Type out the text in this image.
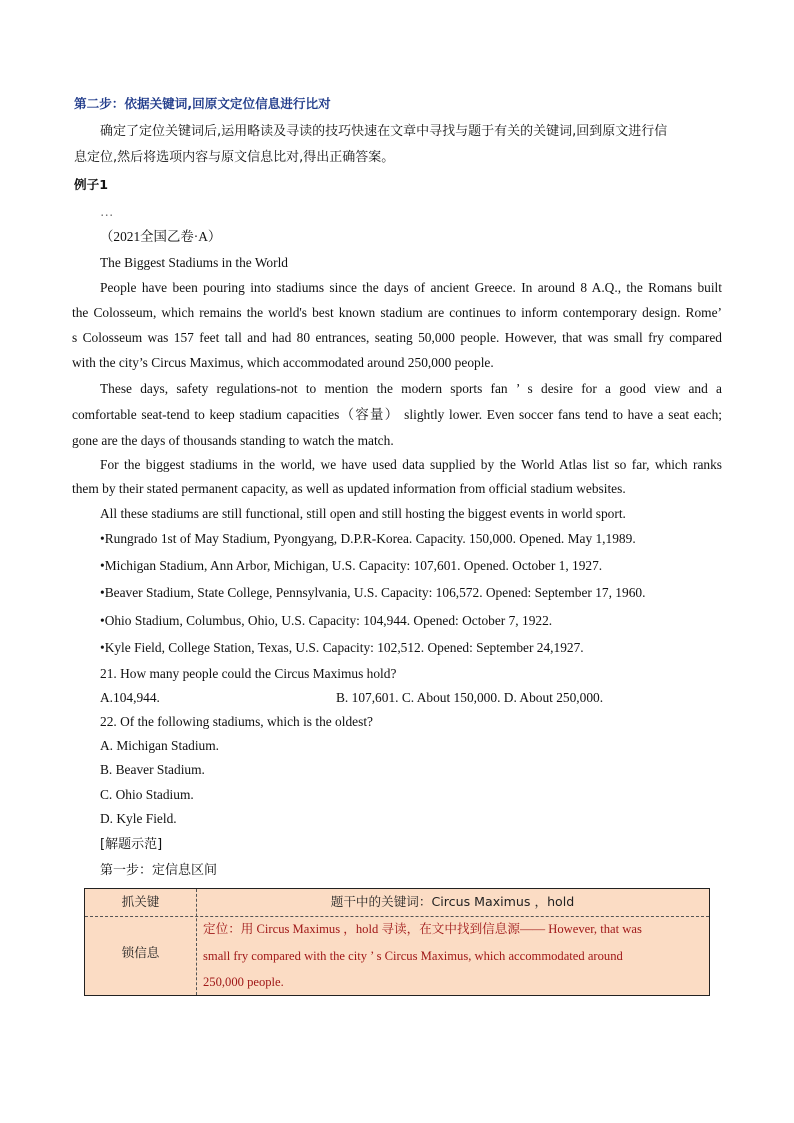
第二步：依据关键词,回原文定位信息进行比对
确定了定位关键词后,运用略读及寻读的技巧快速在文章中寻找与题于有关的关键词,回到原文进行信
息定位,然后将选项内容与原文信息比对,得出正确答案。
例子1
…
（2021全国乙卷·A）
The Biggest Stadiums in the World
People have been pouring into stadiums since the days of ancient Greece. In around 8 A.Q., the Romans built
the Colosseum, which remains the world's best known stadium are continues to inform contemporary design. Rome’
s Colosseum was 157 feet tall and had 80 entrances, seating 50,000 people. However, that was small fry compared
with the city’s Circus Maximus, which accommodated around 250,000 people.
These days, safety regulations-not to mention the modern sports fan ’ s desire for a good view and a
comfortable seat-tend to keep stadium capacities（容量） slightly lower. Even soccer fans tend to have a seat each;
gone are the days of thousands standing to watch the match.
For the biggest stadiums in the world, we have used data supplied by the World Atlas list so far, which ranks
them by their stated permanent capacity, as well as updated information from official stadium websites.
All these stadiums are still functional, still open and still hosting the biggest events in world sport.
•Rungrado 1st of May Stadium, Pyongyang, D.P.R-Korea. Capacity. 150,000. Opened. May 1,1989.
•Michigan Stadium, Ann Arbor, Michigan, U.S. Capacity: 107,601. Opened. October 1, 1927.
•Beaver Stadium, State College, Pennsylvania, U.S. Capacity: 106,572. Opened: September 17, 1960.
•Ohio Stadium, Columbus, Ohio, U.S. Capacity: 104,944. Opened: October 7, 1922.
•Kyle Field, College Station, Texas, U.S. Capacity: 102,512. Opened: September 24,1927.
21. How many people could the Circus Maximus hold?
A.104,944.	B. 107,601. C. About 150,000. D. About 250,000.
22. Of the following stadiums, which is the oldest?
A. Michigan Stadium.
B. Beaver Stadium.
C. Ohio Stadium.
D. Kyle Field.
[解题示范]
第一步：定信息区间
抓关键	题干中的关键词：Circus Maximus ，hold
锁信息
定位：用 Circus Maximus ，hold 寻读，在文中找到信息源—— However, that was
small fry compared with the city ’ s Circus Maximus, which accommodated around
250,000 people.
